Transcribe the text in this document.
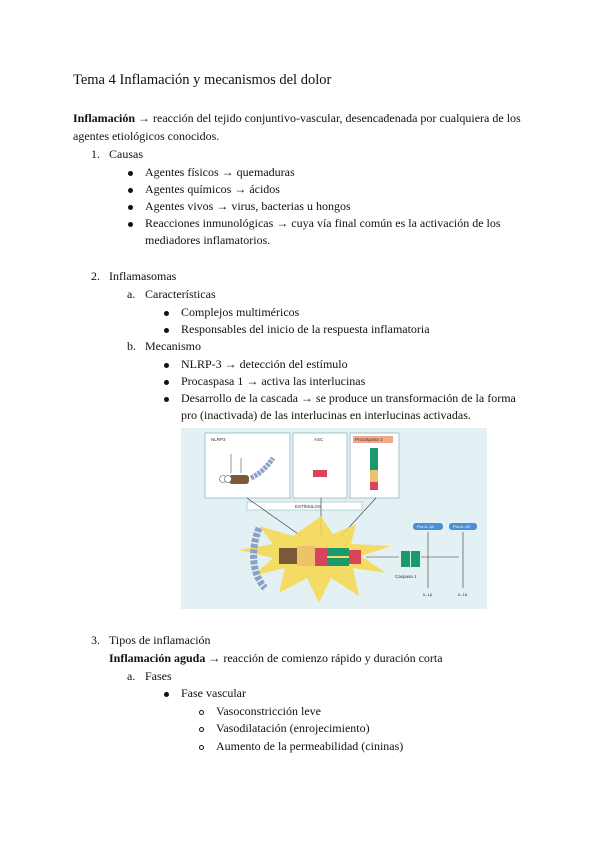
Tema 4 Inflamación y mecanismos del dolor
Inflamación → reacción del tejido conjuntivo-vascular, desencadenada por cualquiera de los
agentes etiológicos conocidos.
1. Causas
Agentes físicos → quemaduras
Agentes químicos → ácidos
Agentes vivos → virus, bacterias u hongos
Reacciones inmunológicas → cuya vía final común es la activación de los
mediadores inflamatorios.
2. Inflamasomas
a. Características
Complejos multiméricos
Responsables del inicio de la respuesta inflamatoria
b. Mecanismo
NLRP-3 → detección del estímulo
Procaspasa 1 → activa las interlucinas
Desarrollo de la cascada → se produce un transformación de la forma
pro (inactivada) de las interlucinas en interlucinas activadas.
NLRP3	ASC	Procaspasa 1
ESTÍMULOS
Caspasa 1
Pro-IL-1β	Pro-IL-18
IL-1β	IL-18
3. Tipos de inflamación
Inflamación aguda → reacción de comienzo rápido y duración corta
a. Fases
Fase vascular
Vasoconstricción leve
Vasodilatación (enrojecimiento)
Aumento de la permeabilidad (cininas)
